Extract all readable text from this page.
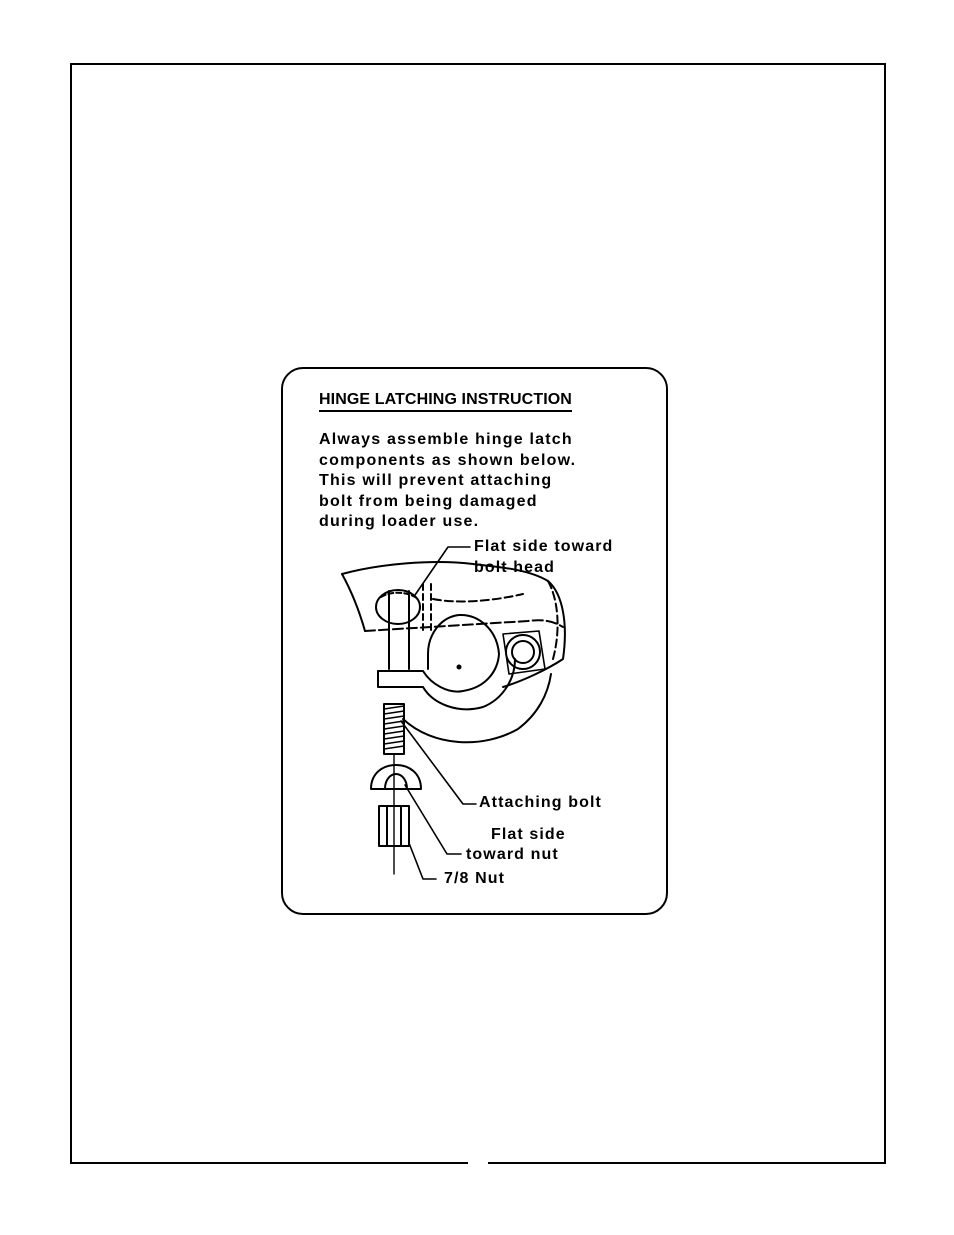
HINGE LATCHING INSTRUCTION
Always assemble hinge latch
components as shown below.
This will prevent attaching
bolt from being damaged
during loader use.
Flat side toward
bolt head
Attaching bolt
Flat side
toward nut
7/8 Nut
